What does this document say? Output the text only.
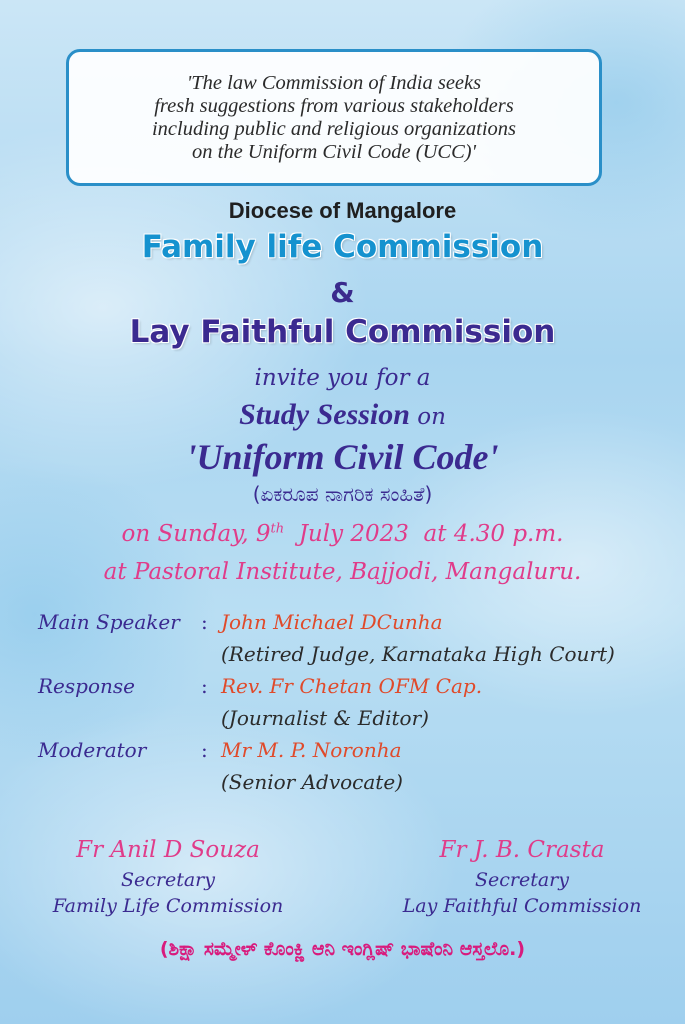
'The law Commission of India seeks
fresh suggestions from various stakeholders
including public and religious organizations
on the Uniform Civil Code (UCC)'
Diocese of Mangalore
Family life Commission
&
Lay Faithful Commission
invite you for a
Study Session on
'Uniform Civil Code'
(ಏಕರೂಪ ನಾಗರಿಕ ಸಂಹಿತೆ)
on Sunday, 9th  July 2023  at 4.30 p.m.
at Pastoral Institute, Bajjodi, Mangaluru.
Main Speaker : John Michael DCunha
(Retired Judge, Karnataka High Court)
Response	: Rev. Fr Chetan OFM Cap.
(Journalist & Editor)
Moderator	: Mr M. P. Noronha
(Senior Advocate)
Fr Anil D Souza
Secretary
Family Life Commission
Fr J. B. Crasta
Secretary
Lay Faithful Commission
(ಶಿಕ್ಷಾ ಸಮ್ಮೇಳ್ ಕೊಂಕ್ಣಿ ಆನಿ ಇಂಗ್ಲಿಷ್ ಭಾಷೆಂನಿ ಆಸ್ತಲೊ.)
